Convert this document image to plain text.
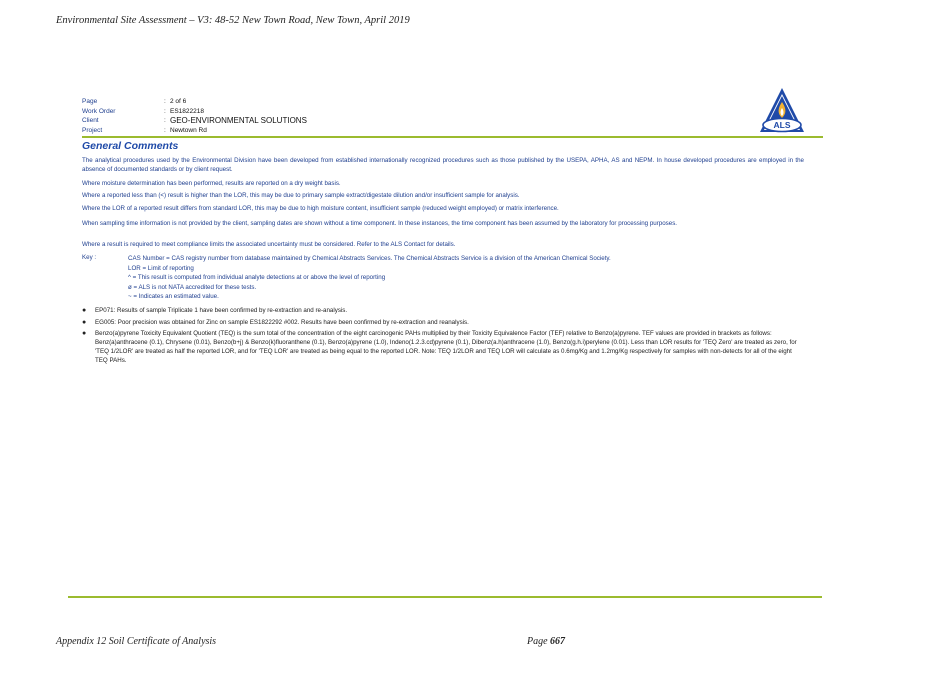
Environmental Site Assessment – V3: 48-52 New Town Road, New Town, April 2019
Page	: 2 of 6
Work Order	: ES1822218
Client	: GEO-ENVIRONMENTAL SOLUTIONS
Project	: Newtown Rd
ALS
General Comments
The analytical procedures used by the Environmental Division have been developed from established internationally recognized procedures such as those published by the USEPA, APHA, AS and NEPM. In house developed procedures are employed in the absence of documented standards or by client request.
Where moisture determination has been performed, results are reported on a dry weight basis.
Where a reported less than (<) result is higher than the LOR, this may be due to primary sample extract/digestate dilution and/or insufficient sample for analysis.
Where the LOR of a reported result differs from standard LOR, this may be due to high moisture content, insufficient sample (reduced weight employed) or matrix interference.
When sampling time information is not provided by the client, sampling dates are shown without a time component. In these instances, the time component has been assumed by the laboratory for processing purposes.
Where a result is required to meet compliance limits the associated uncertainty must be considered. Refer to the ALS Contact for details.
Key :	CAS Number = CAS registry number from database maintained by Chemical Abstracts Services. The Chemical Abstracts Service is a division of the American Chemical Society.
LOR = Limit of reporting
^ = This result is computed from individual analyte detections at or above the level of reporting
ø = ALS is not NATA accredited for these tests.
~ = Indicates an estimated value.
●	EP071: Results of sample Triplicate 1 have been confirmed by re-extraction and re-analysis.
●	EG005: Poor precision was obtained for Zinc on sample ES1822292 #002. Results have been confirmed by re-extraction and reanalysis.
●	Benzo(a)pyrene Toxicity Equivalent Quotient (TEQ) is the sum total of the concentration of the eight carcinogenic PAHs multiplied by their Toxicity Equivalence Factor (TEF) relative to Benzo(a)pyrene. TEF values are provided in brackets as follows: Benz(a)anthracene (0.1), Chrysene (0.01), Benzo(b+j) & Benzo(k)fluoranthene (0.1), Benzo(a)pyrene (1.0), Indeno(1.2.3.cd)pyrene (0.1), Dibenz(a.h)anthracene (1.0), Benzo(g.h.i)perylene (0.01). Less than LOR results for 'TEQ Zero' are treated as zero, for 'TEQ 1/2LOR' are treated as half the reported LOR, and for 'TEQ LOR' are treated as being equal to the reported LOR. Note: TEQ 1/2LOR and TEQ LOR will calculate as 0.6mg/Kg and 1.2mg/Kg respectively for samples with non-detects for all of the eight TEQ PAHs.
Appendix 12 Soil Certificate of Analysis	Page 667
